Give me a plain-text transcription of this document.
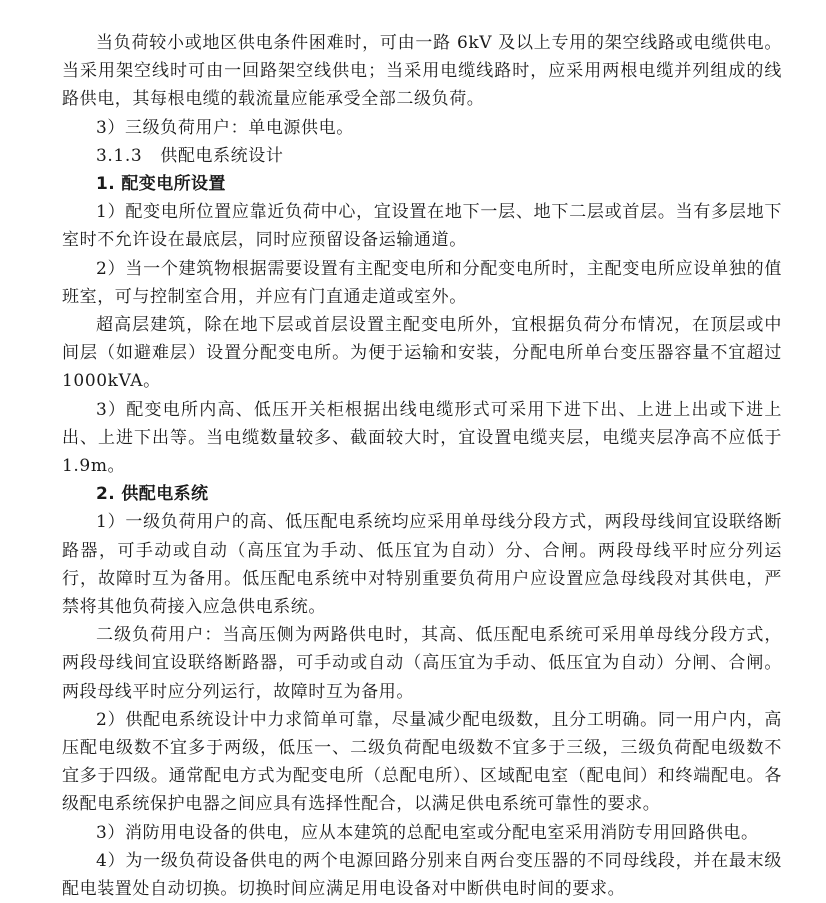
当负荷较小或地区供电条件困难时，可由一路 6kV 及以上专用的架空线路或电缆供电。当采用架空线时可由一回路架空线供电；当采用电缆线路时，应采用两根电缆并列组成的线路供电，其每根电缆的载流量应能承受全部二级负荷。

3）三级负荷用户：单电源供电。

3.1.3 供配电系统设计

1. 配变电所设置

1）配变电所位置应靠近负荷中心，宜设置在地下一层、地下二层或首层。当有多层地下室时不允许设在最底层，同时应预留设备运输通道。

2）当一个建筑物根据需要设置有主配变电所和分配变电所时，主配变电所应设单独的值班室，可与控制室合用，并应有门直通走道或室外。

超高层建筑，除在地下层或首层设置主配变电所外，宜根据负荷分布情况，在顶层或中间层（如避难层）设置分配变电所。为便于运输和安装，分配电所单台变压器容量不宜超过 1000kVA。

3）配变电所内高、低压开关柜根据出线电缆形式可采用下进下出、上进上出或下进上出、上进下出等。当电缆数量较多、截面较大时，宜设置电缆夹层，电缆夹层净高不应低于 1.9m。

2. 供配电系统

1）一级负荷用户的高、低压配电系统均应采用单母线分段方式，两段母线间宜设联络断路器，可手动或自动（高压宜为手动、低压宜为自动）分、合闸。两段母线平时应分列运行，故障时互为备用。低压配电系统中对特别重要负荷用户应设置应急母线段对其供电，严禁将其他负荷接入应急供电系统。

二级负荷用户：当高压侧为两路供电时，其高、低压配电系统可采用单母线分段方式，两段母线间宜设联络断路器，可手动或自动（高压宜为手动、低压宜为自动）分闸、合闸。两段母线平时应分列运行，故障时互为备用。

2）供配电系统设计中力求简单可靠，尽量减少配电级数，且分工明确。同一用户内，高压配电级数不宜多于两级，低压一、二级负荷配电级数不宜多于三级，三级负荷配电级数不宜多于四级。通常配电方式为配变电所（总配电所）、区域配电室（配电间）和终端配电。各级配电系统保护电器之间应具有选择性配合，以满足供电系统可靠性的要求。

3）消防用电设备的供电，应从本建筑的总配电室或分配电室采用消防专用回路供电。

4）为一级负荷设备供电的两个电源回路分别来自两台变压器的不同母线段，并在最末级配电装置处自动切换。切换时间应满足用电设备对中断供电时间的要求。
